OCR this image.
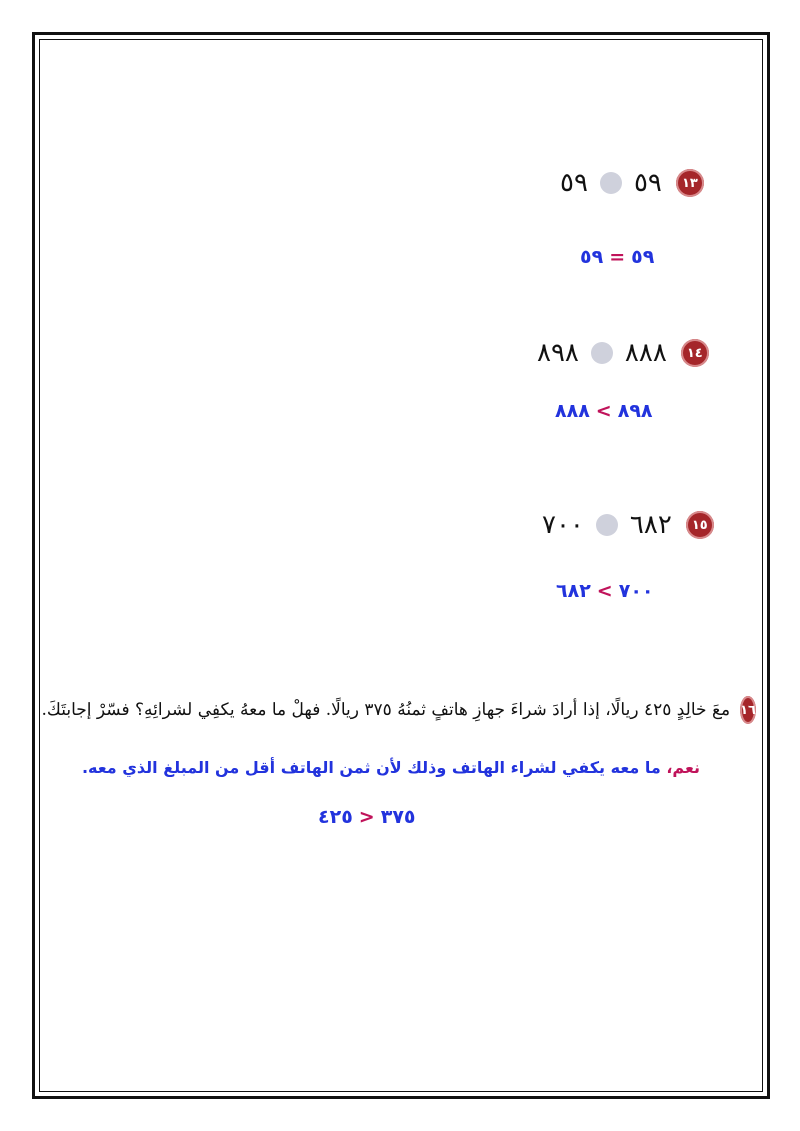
٥٩ ٥٩	١٣
٥٩=٥٩
٨٩٨ ٨٨٨	١٤
٨٩٨>٨٨٨
٧٠٠ ٦٨٢	١٥
٧٠٠>٦٨٢
معَ خالِدٍ ٤٢٥ ريالًا، إذا أرادَ شراءَ جهازِ هاتفٍ ثمنُهُ ٣٧٥ ريالًا. فهلْ ما معهُ يكفِي لشرائِهِ؟ فسّرْ إجابتَكَ. ١٦
نعم، ما معه يكفي لشراء الهاتف وذلك لأن ثمن الهاتف أقل من المبلغ الذي معه.
٣٧٥<٤٢٥
